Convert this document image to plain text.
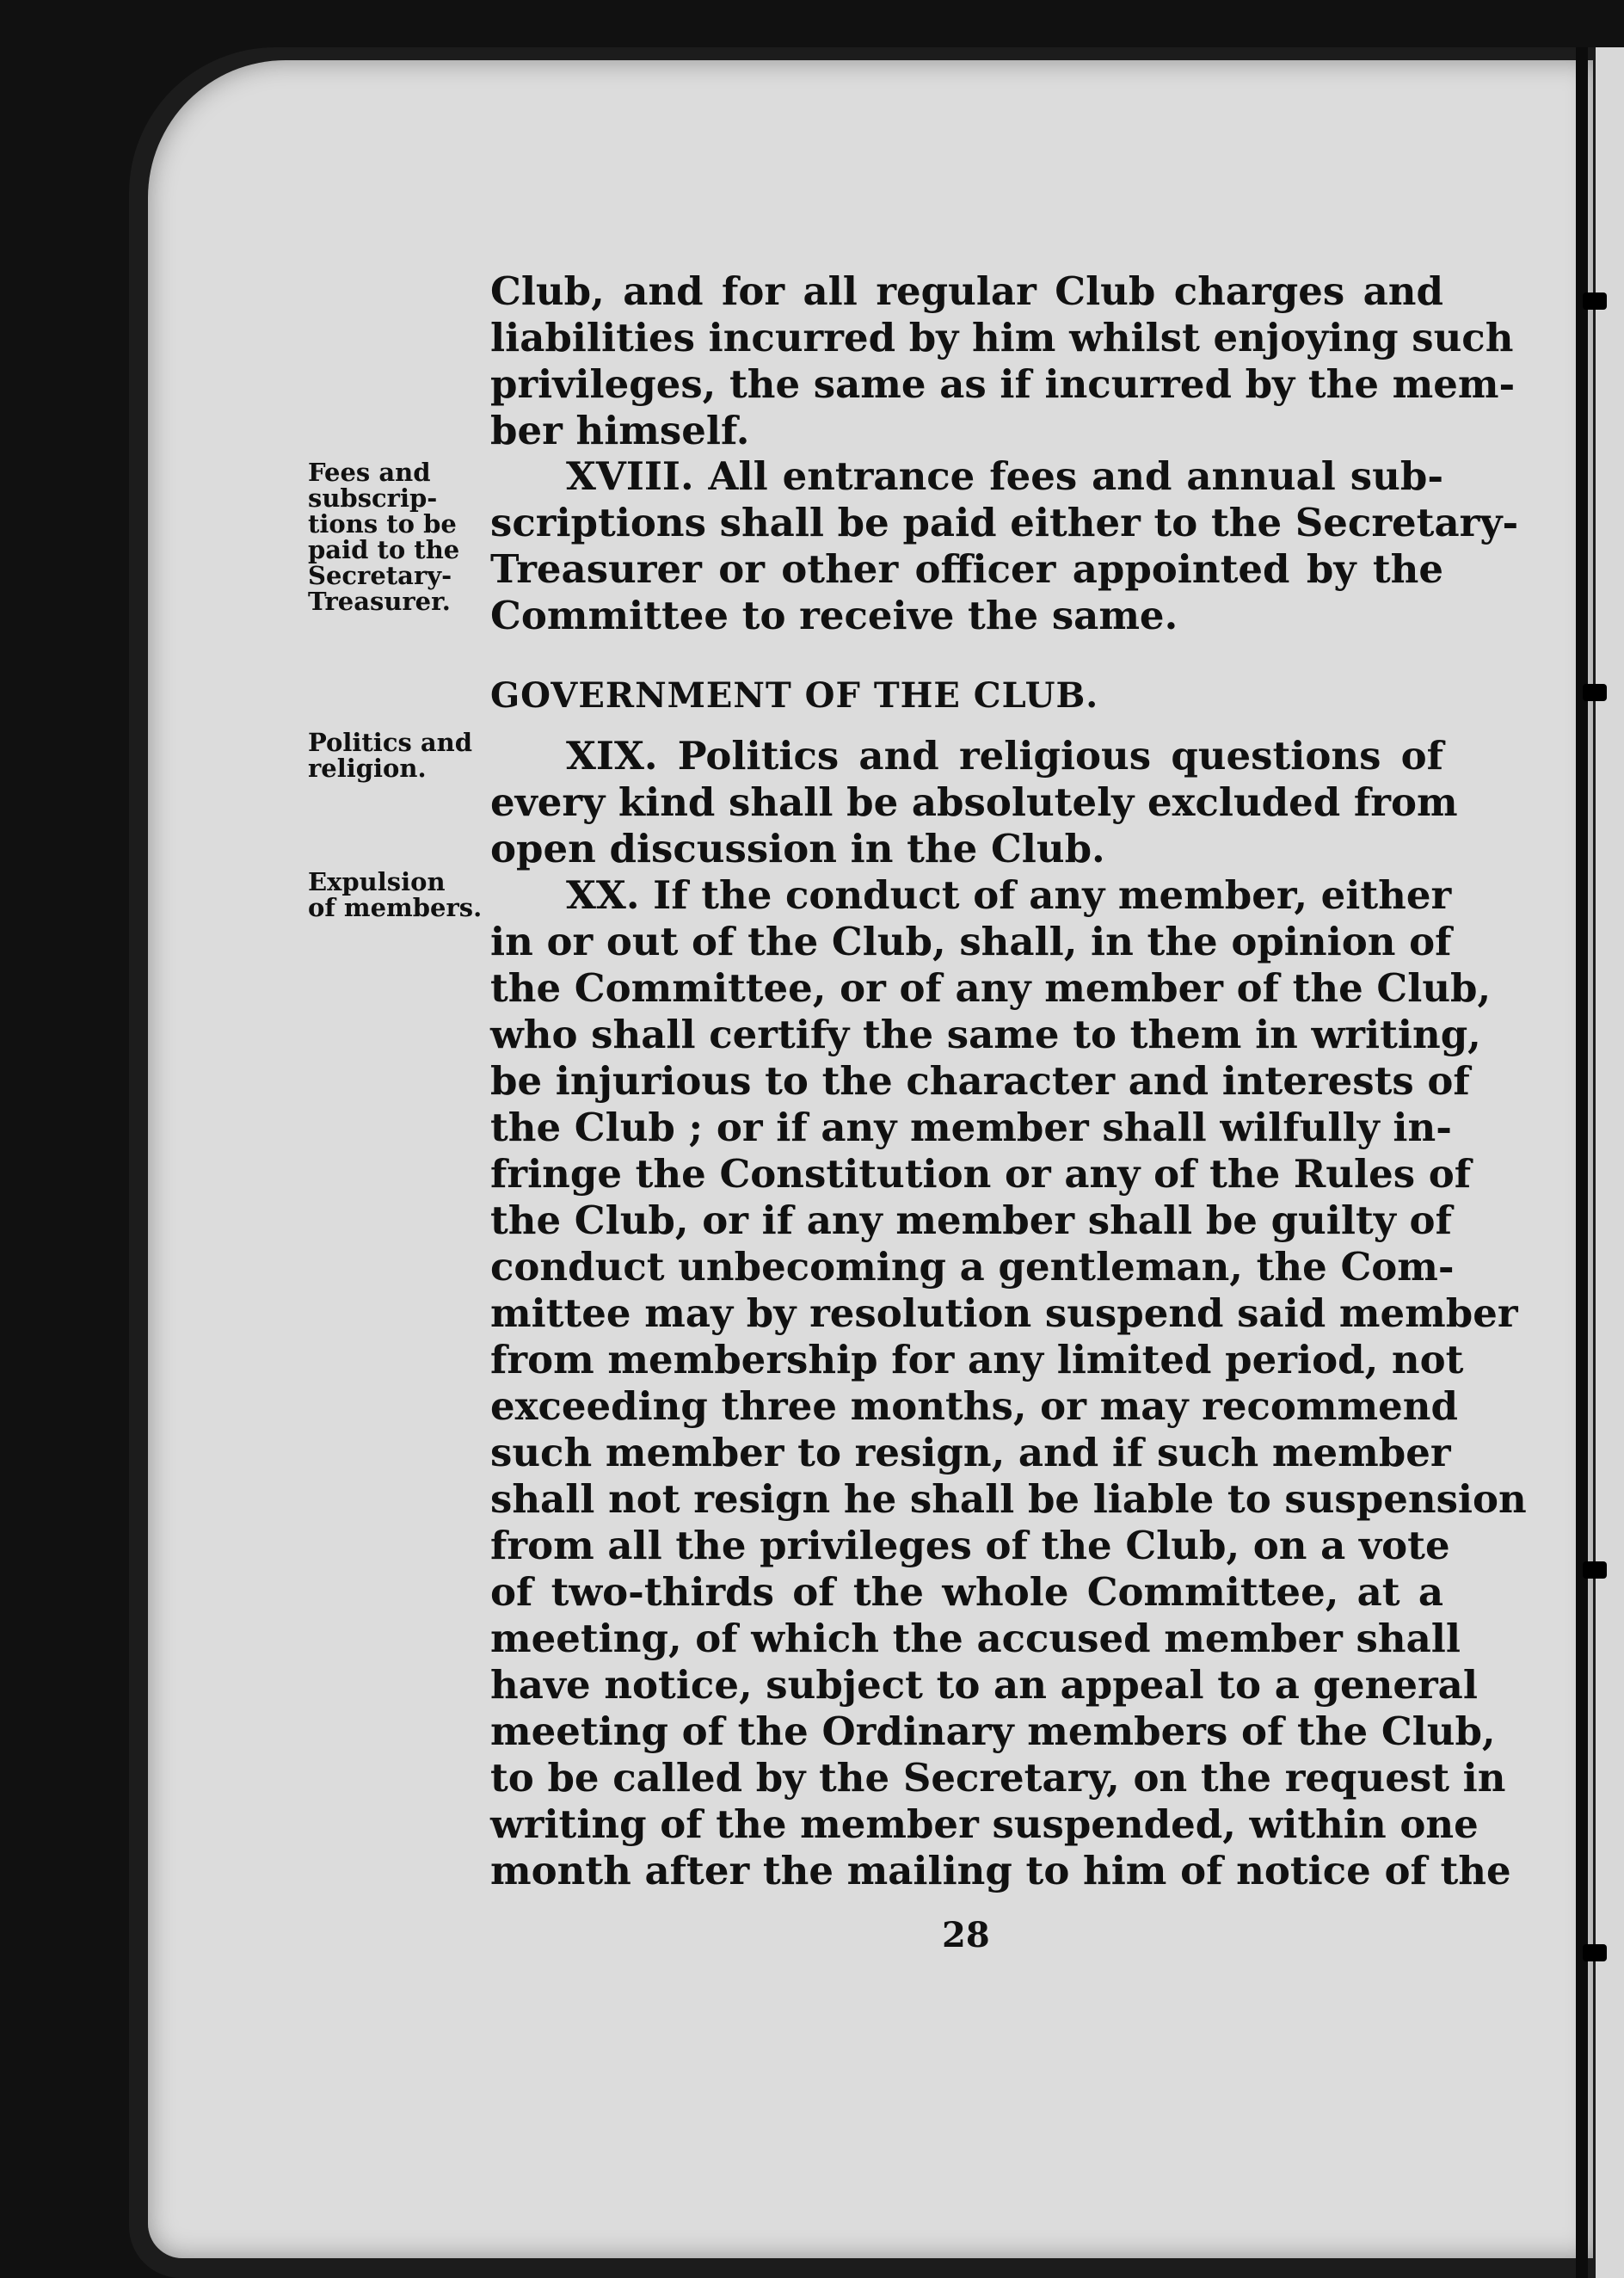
Club, and for all regular Club charges and
liabilities incurred by him whilst enjoying such
privileges, the same as if incurred by the mem-
ber himself.
Fees and
subscrip-
tions to be
paid to the
Secretary-
Treasurer.
Politics and
religion.
Expulsion
of members.
XVIII. All entrance fees and annual sub-
scriptions shall be paid either to the Secretary-
Treasurer or other officer appointed by the
Committee to receive the same.
GOVERNMENT OF THE CLUB.
XIX. Politics and religious questions of
every kind shall be absolutely excluded from
open discussion in the Club.
XX. If the conduct of any member, either
in or out of the Club, shall, in the opinion of
the Committee, or of any member of the Club,
who shall certify the same to them in writing,
be injurious to the character and interests of
the Club ; or if any member shall wilfully in-
fringe the Constitution or any of the Rules of
the Club, or if any member shall be guilty of
conduct unbecoming a gentleman, the Com-
mittee may by resolution suspend said member
from membership for any limited period, not
exceeding three months, or may recommend
such member to resign, and if such member
shall not resign he shall be liable to suspension
from all the privileges of the Club, on a vote
of two-thirds of the whole Committee, at a
meeting, of which the accused member shall
have notice, subject to an appeal to a general
meeting of the Ordinary members of the Club,
to be called by the Secretary, on the request in
writing of the member suspended, within one
month after the mailing to him of notice of the
28
